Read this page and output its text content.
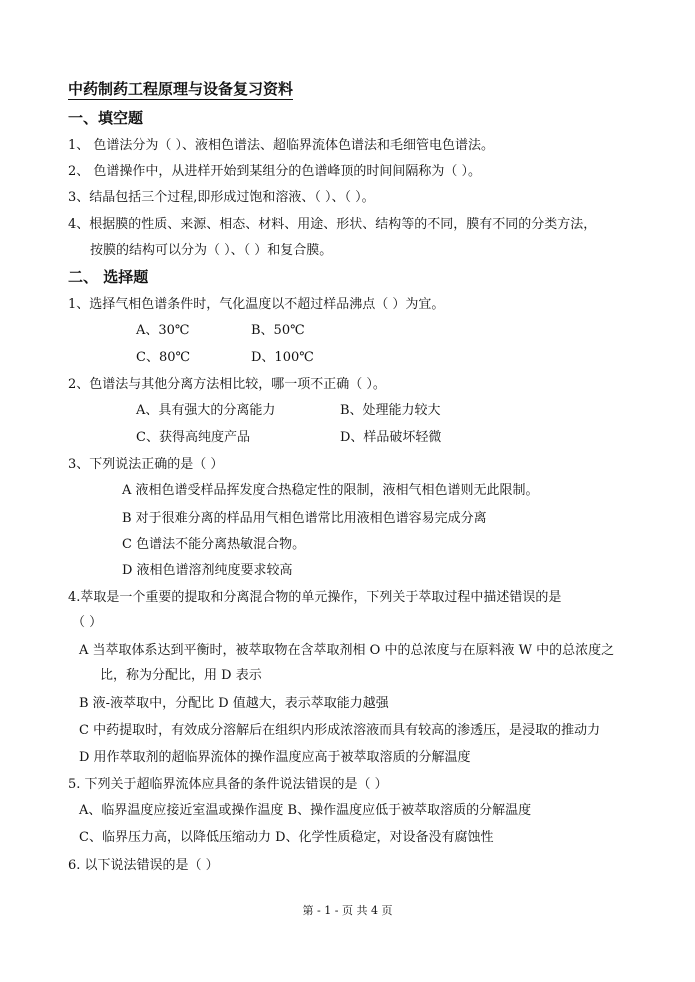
中药制药工程原理与设备复习资料
一、填空题
1、 色谱法分为（ ）、液相色谱法、超临界流体色谱法和毛细管电色谱法。
2、 色谱操作中，从进样开始到某组分的色谱峰顶的时间间隔称为（ ）。
3、结晶包括三个过程,即形成过饱和溶液、（ ）、（ ）。
4、根据膜的性质、来源、相态、材料、用途、形状、结构等的不同，膜有不同的分类方法，
按膜的结构可以分为（ ）、（ ）和复合膜。
二、 选择题
1、选择气相色谱条件时，气化温度以不超过样品沸点（ ）为宜。
A、30℃	B、50℃
C、80℃	D、100℃
2、色谱法与其他分离方法相比较，哪一项不正确（ ）。
A、具有强大的分离能力	B、处理能力较大
C、获得高纯度产品	D、样品破坏轻微
3、下列说法正确的是（ ）
A 液相色谱受样品挥发度合热稳定性的限制，液相气相色谱则无此限制。
B 对于很难分离的样品用气相色谱常比用液相色谱容易完成分离
C 色谱法不能分离热敏混合物。
D 液相色谱溶剂纯度要求较高
4.萃取是一个重要的提取和分离混合物的单元操作，下列关于萃取过程中描述错误的是
（ ）
A 当萃取体系达到平衡时，被萃取物在含萃取剂相 O 中的总浓度与在原料液 W 中的总浓度之
比，称为分配比，用 D 表示
B 液-液萃取中，分配比 D 值越大，表示萃取能力越强
C 中药提取时，有效成分溶解后在组织内形成浓溶液而具有较高的渗透压，是浸取的推动力
D 用作萃取剂的超临界流体的操作温度应高于被萃取溶质的分解温度
5. 下列关于超临界流体应具备的条件说法错误的是（ ）
A、临界温度应接近室温或操作温度 B、操作温度应低于被萃取溶质的分解温度
C、临界压力高，以降低压缩动力 D、化学性质稳定，对设备没有腐蚀性
6. 以下说法错误的是（ ）
第 - 1 - 页 共 4 页
